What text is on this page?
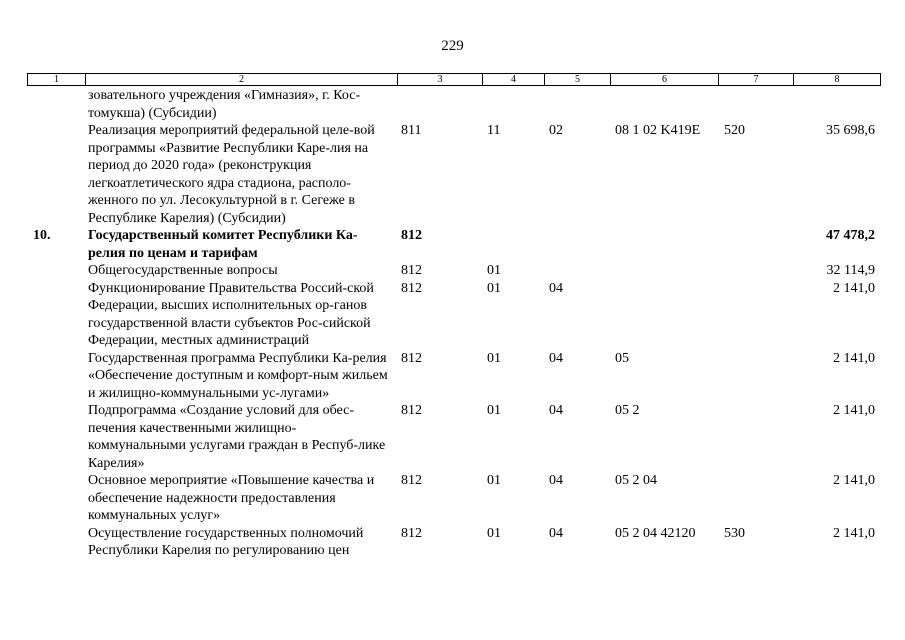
229
1	2	3	4	5	6	7	8
	зовательного учреждения «Гимназия», г. Кос-томукша) (Субсидии)						
	Реализация мероприятий федеральной целе-вой программы «Развитие Республики Каре-лия на период до 2020 года» (реконструкция легкоатлетического ядра стадиона, располо-женного по ул. Лесокультурной в г. Сегеже в Республике Карелия) (Субсидии)	811	11	02	08 1 02 K419E	520	35 698,6
10.	Государственный комитет Республики Ка-релия по ценам и тарифам	812					47 478,2
	Общегосударственные вопросы	812	01				32 114,9
	Функционирование Правительства Россий-ской Федерации, высших исполнительных ор-ганов государственной власти субъектов Рос-сийской Федерации, местных администраций	812	01	04			2 141,0
	Государственная программа Республики Ка-релия «Обеспечение доступным и комфорт-ным жильем и жилищно-коммунальными ус-лугами»	812	01	04	05		2 141,0
	Подпрограмма «Создание условий для обес-печения качественными жилищно-коммунальными услугами граждан в Респуб-лике Карелия»	812	01	04	05 2		2 141,0
	Основное мероприятие «Повышение качества и обеспечение надежности предоставления коммунальных услуг»	812	01	04	05 2 04		2 141,0
	Осуществление государственных полномочий Республики Карелия по регулированию цен	812	01	04	05 2 04 42120	530	2 141,0
